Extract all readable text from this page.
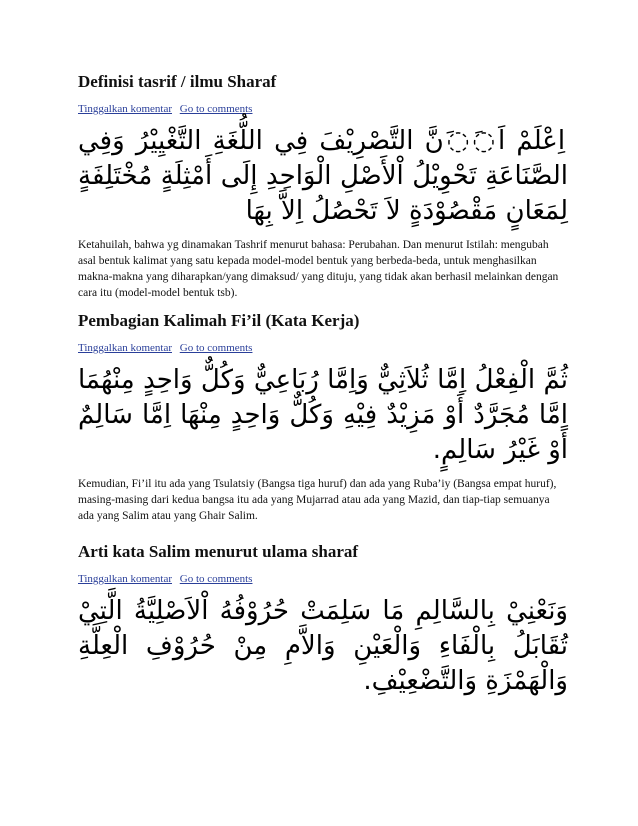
Definisi tasrif / ilmu Sharaf
Tinggalkan komentar Go to comments
اِعْلَمْ اَ◌َ◌َنَّ التَّصْرِيْفَ فِي اللُّغَةِ التَّغْيِيْرُ وَفِي الصَّنَاعَةِ تَحْوِيْلُ اْلأَصْلِ الْوَاحِدِ إِلَى أَمْثِلَةٍ مُخْتَلِفَةٍ لِمَعَانٍ مَقْصُوْدَةٍ لاَ تَحْصُلُ اِلاَّ بِهَا
Ketahuilah, bahwa yg dinamakan Tashrif menurut bahasa: Perubahan. Dan menurut Istilah: mengubah asal bentuk kalimat yang satu kepada model-model bentuk yang berbeda-beda, untuk menghasilkan makna-makna yang diharapkan/yang dimaksud/ yang dituju, yang tidak akan berhasil melainkan dengan cara itu (model-model bentuk tsb).
Pembagian Kalimah Fi’il (Kata Kerja)
Tinggalkan komentar Go to comments
ثُمَّ الْفِعْلُ اِمَّا ثُلاَثِيٌّ وَاِمَّا رُبَاعِيٌّ وَكُلٌّ وَاحِدٍ مِنْهُمَا اِمَّا مُجَرَّدٌ أَوْ مَزِيْدٌ فِيْهِ وَكُلٌّ وَاحِدٍ مِنْهَا اِمَّا سَالِمٌ أَوْ غَيْرُ سَالِمٍ.
Kemudian, Fi’il itu ada yang Tsulatsiy (Bangsa tiga huruf) dan ada yang Ruba’iy (Bangsa empat huruf), masing-masing dari kedua bangsa itu ada yang Mujarrad atau ada yang Mazid, dan tiap-tiap semuanya ada yang Salim atau yang Ghair Salim.
Arti kata Salim menurut ulama sharaf
Tinggalkan komentar Go to comments
وَنَعْنِيْ بِالسَّالِمِ مَا سَلِمَتْ حُرُوْفُهُ اْلاَصْلِيَّةُ الَّتِيْ تُقَابَلُ بِالْفَاءِ وَالْعَيْنِ وَالاَّمِ مِنْ حُرُوْفِ الْعِلَّةِ وَالْهَمْزَةِ وَالتَّضْعِيْفِ.
